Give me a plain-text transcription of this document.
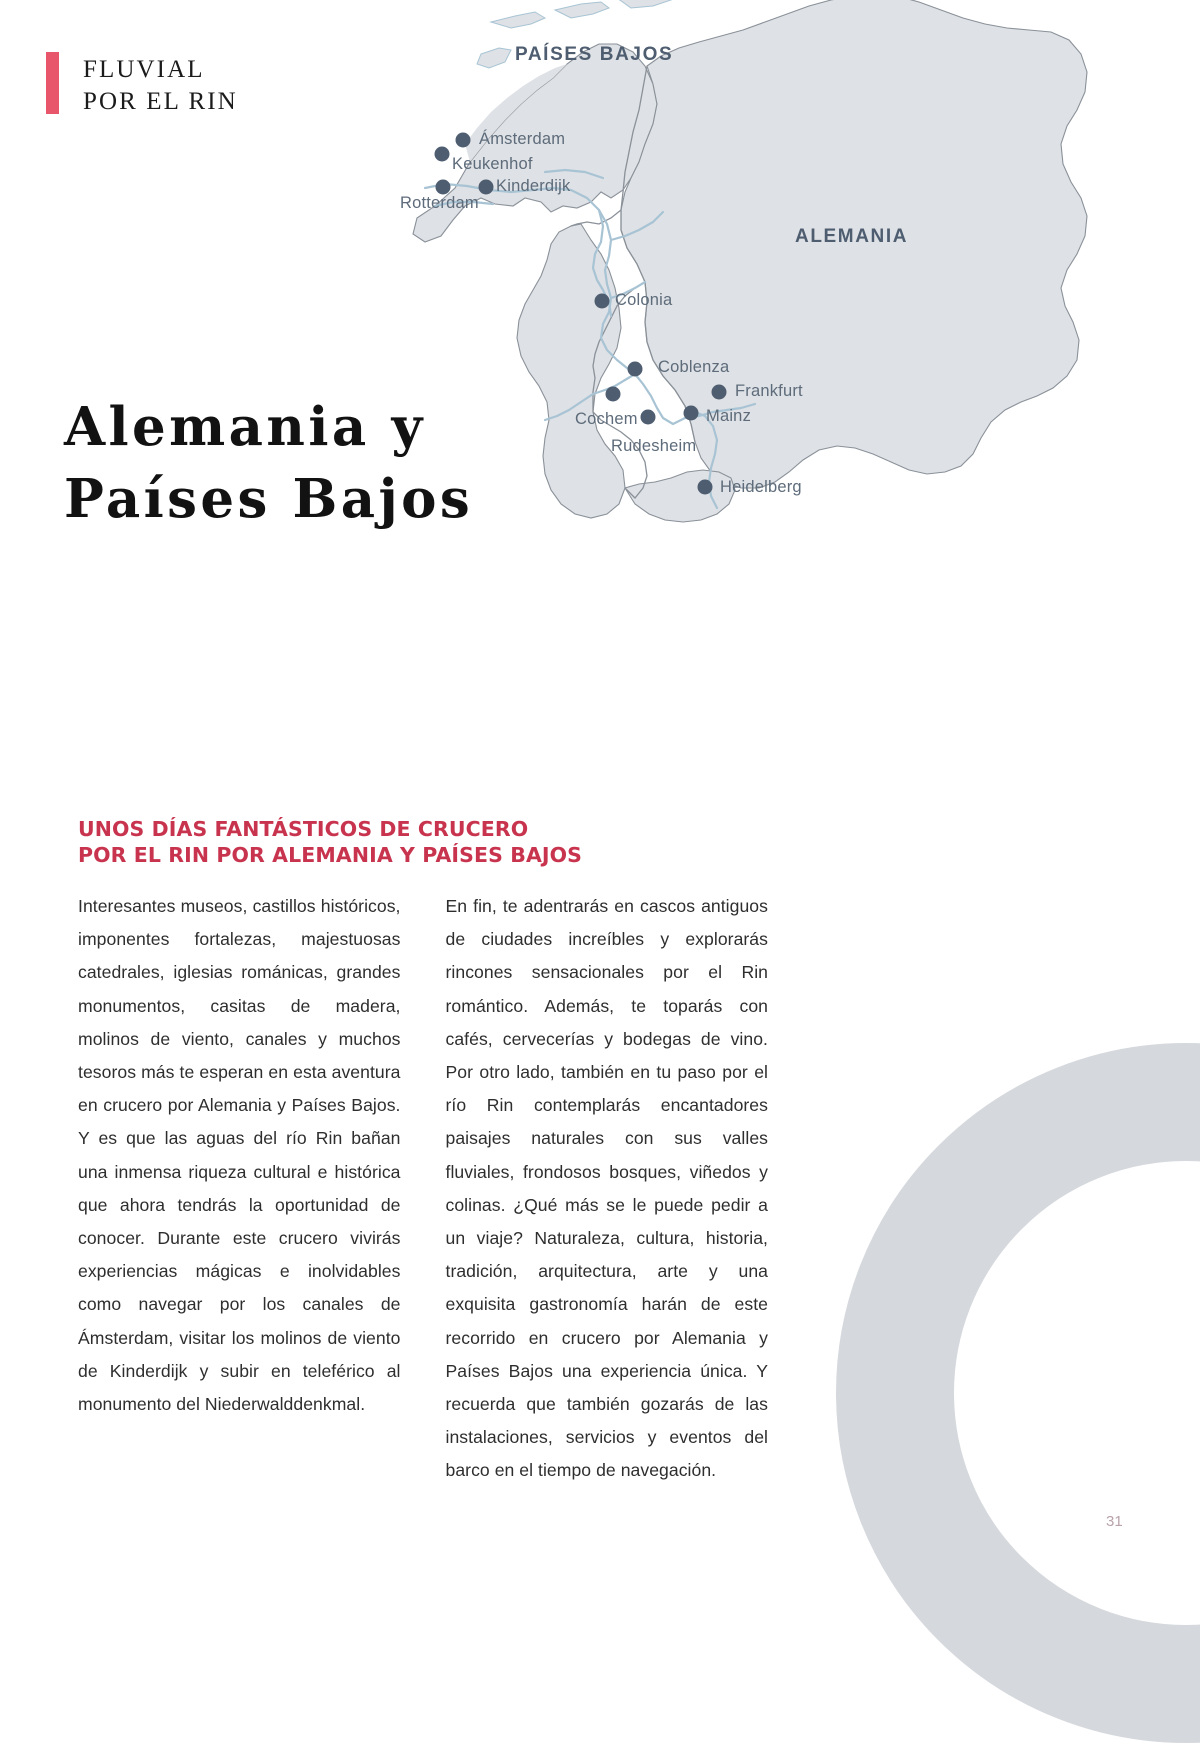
PAÍSES BAJOS
ALEMANIA
Ámsterdam
Keukenhof
Kinderdijk
Rotterdam
Colonia
Coblenza
Frankfurt
Cochem	Mainz
Rudesheim
Heidelberg
FLUVIAL
POR EL RIN
Alemania y
Países Bajos
UNOS DÍAS FANTÁSTICOS DE CRUCERO
POR EL RIN POR ALEMANIA Y PAÍSES BAJOS

Interesantes museos, castillos históricos, imponentes fortalezas, majestuosas catedrales, iglesias románicas, grandes monumentos, casitas de madera, molinos de viento, canales y muchos tesoros más te esperan en esta aventura en crucero por Alemania y Países Bajos. Y es que las aguas del río Rin bañan una inmensa riqueza cultural e histórica que ahora tendrás la oportunidad de conocer. Durante este crucero vivirás experiencias mágicas e inolvidables como navegar por los canales de Ámsterdam, visitar los molinos de viento de Kinderdijk y subir en teleférico al monumento del Niederwalddenkmal.

En fin, te adentrarás en cascos antiguos de ciudades increíbles y explorarás rincones sensacionales por el Rin romántico. Además, te toparás con cafés, cervecerías y bodegas de vino. Por otro lado, también en tu paso por el río Rin contemplarás encantadores paisajes naturales con sus valles fluviales, frondosos bosques, viñedos y colinas. ¿Qué más se le puede pedir a un viaje? Naturaleza, cultura, historia, tradición, arquitectura, arte y una exquisita gastronomía harán de este recorrido en crucero por Alemania y Países Bajos una experiencia única. Y recuerda que también gozarás de las instalaciones, servicios y eventos del barco en el tiempo de navegación.

31
